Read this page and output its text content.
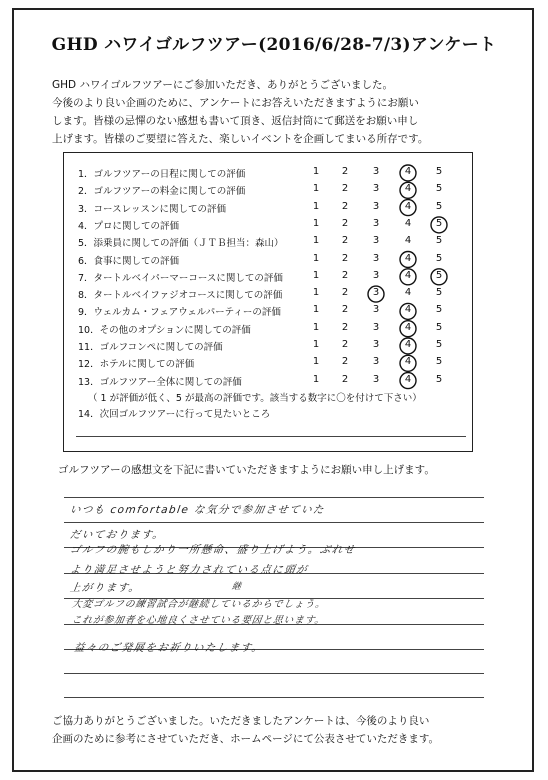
GHD ハワイゴルフツアー(2016/6/28-7/3)アンケート
GHD ハワイゴルフツアーにご参加いただき、ありがとうございました。
今後のより良い企画のために、アンケートにお答えいただきますようにお願い
します。皆様の忌憚のない感想も書いて頂き、返信封筒にて郵送をお願い申し
上げます。皆様のご要望に答えた、楽しいイベントを企画してまいる所存です。
1．ゴルフツアーの日程に関しての評価	1	2	3	4	5
2．ゴルフツアーの料金に関しての評価	1	2	3	4	5
3．コースレッスンに関しての評価	1	2	3	4	5
4．プロに関しての評価	1	2	3	4	5
5．添乗員に関しての評価（ＪＴＢ担当：森山）	1	2	3	4	5
6．食事に関しての評価	1	2	3	4	5
7．タートルベイパーマーコースに関しての評価	1	2	3	4	5
8．タートルベイファジオコースに関しての評価	1	2	3	4	5
9．ウェルカム・フェアウェルパーティーの評価	1	2	3	4	5
10．その他のオプションに関しての評価	1	2	3	4	5
11．ゴルフコンペに関しての評価	1	2	3	4	5
12．ホテルに関しての評価	1	2	3	4	5
13．ゴルフツアー全体に関しての評価	1	2	3	4	5
（ 1 が評価が低く、5 が最高の評価です。該当する数字に〇を付けて下さい）
14．次回ゴルフツアーに行って見たいところ
ゴルフツアーの感想文を下記に書いていただきますようにお願い申し上げます。
いつも comfortable な気分で参加させていた
だいております。
ゴルフの腕もしかり一所懸命、盛り上げよう。ぶれせ
より満足させようと努力されている点に頭が
上がります。
大変ゴルフの練習試合が継続しているからでしょう。
継
これが参加者を心地良くさせている要因と思います。
益々のご発展をお祈りいたします。
ご協力ありがとうございました。いただきましたアンケートは、今後のより良い
企画のために参考にさせていただき、ホームページにて公表させていただきます。
